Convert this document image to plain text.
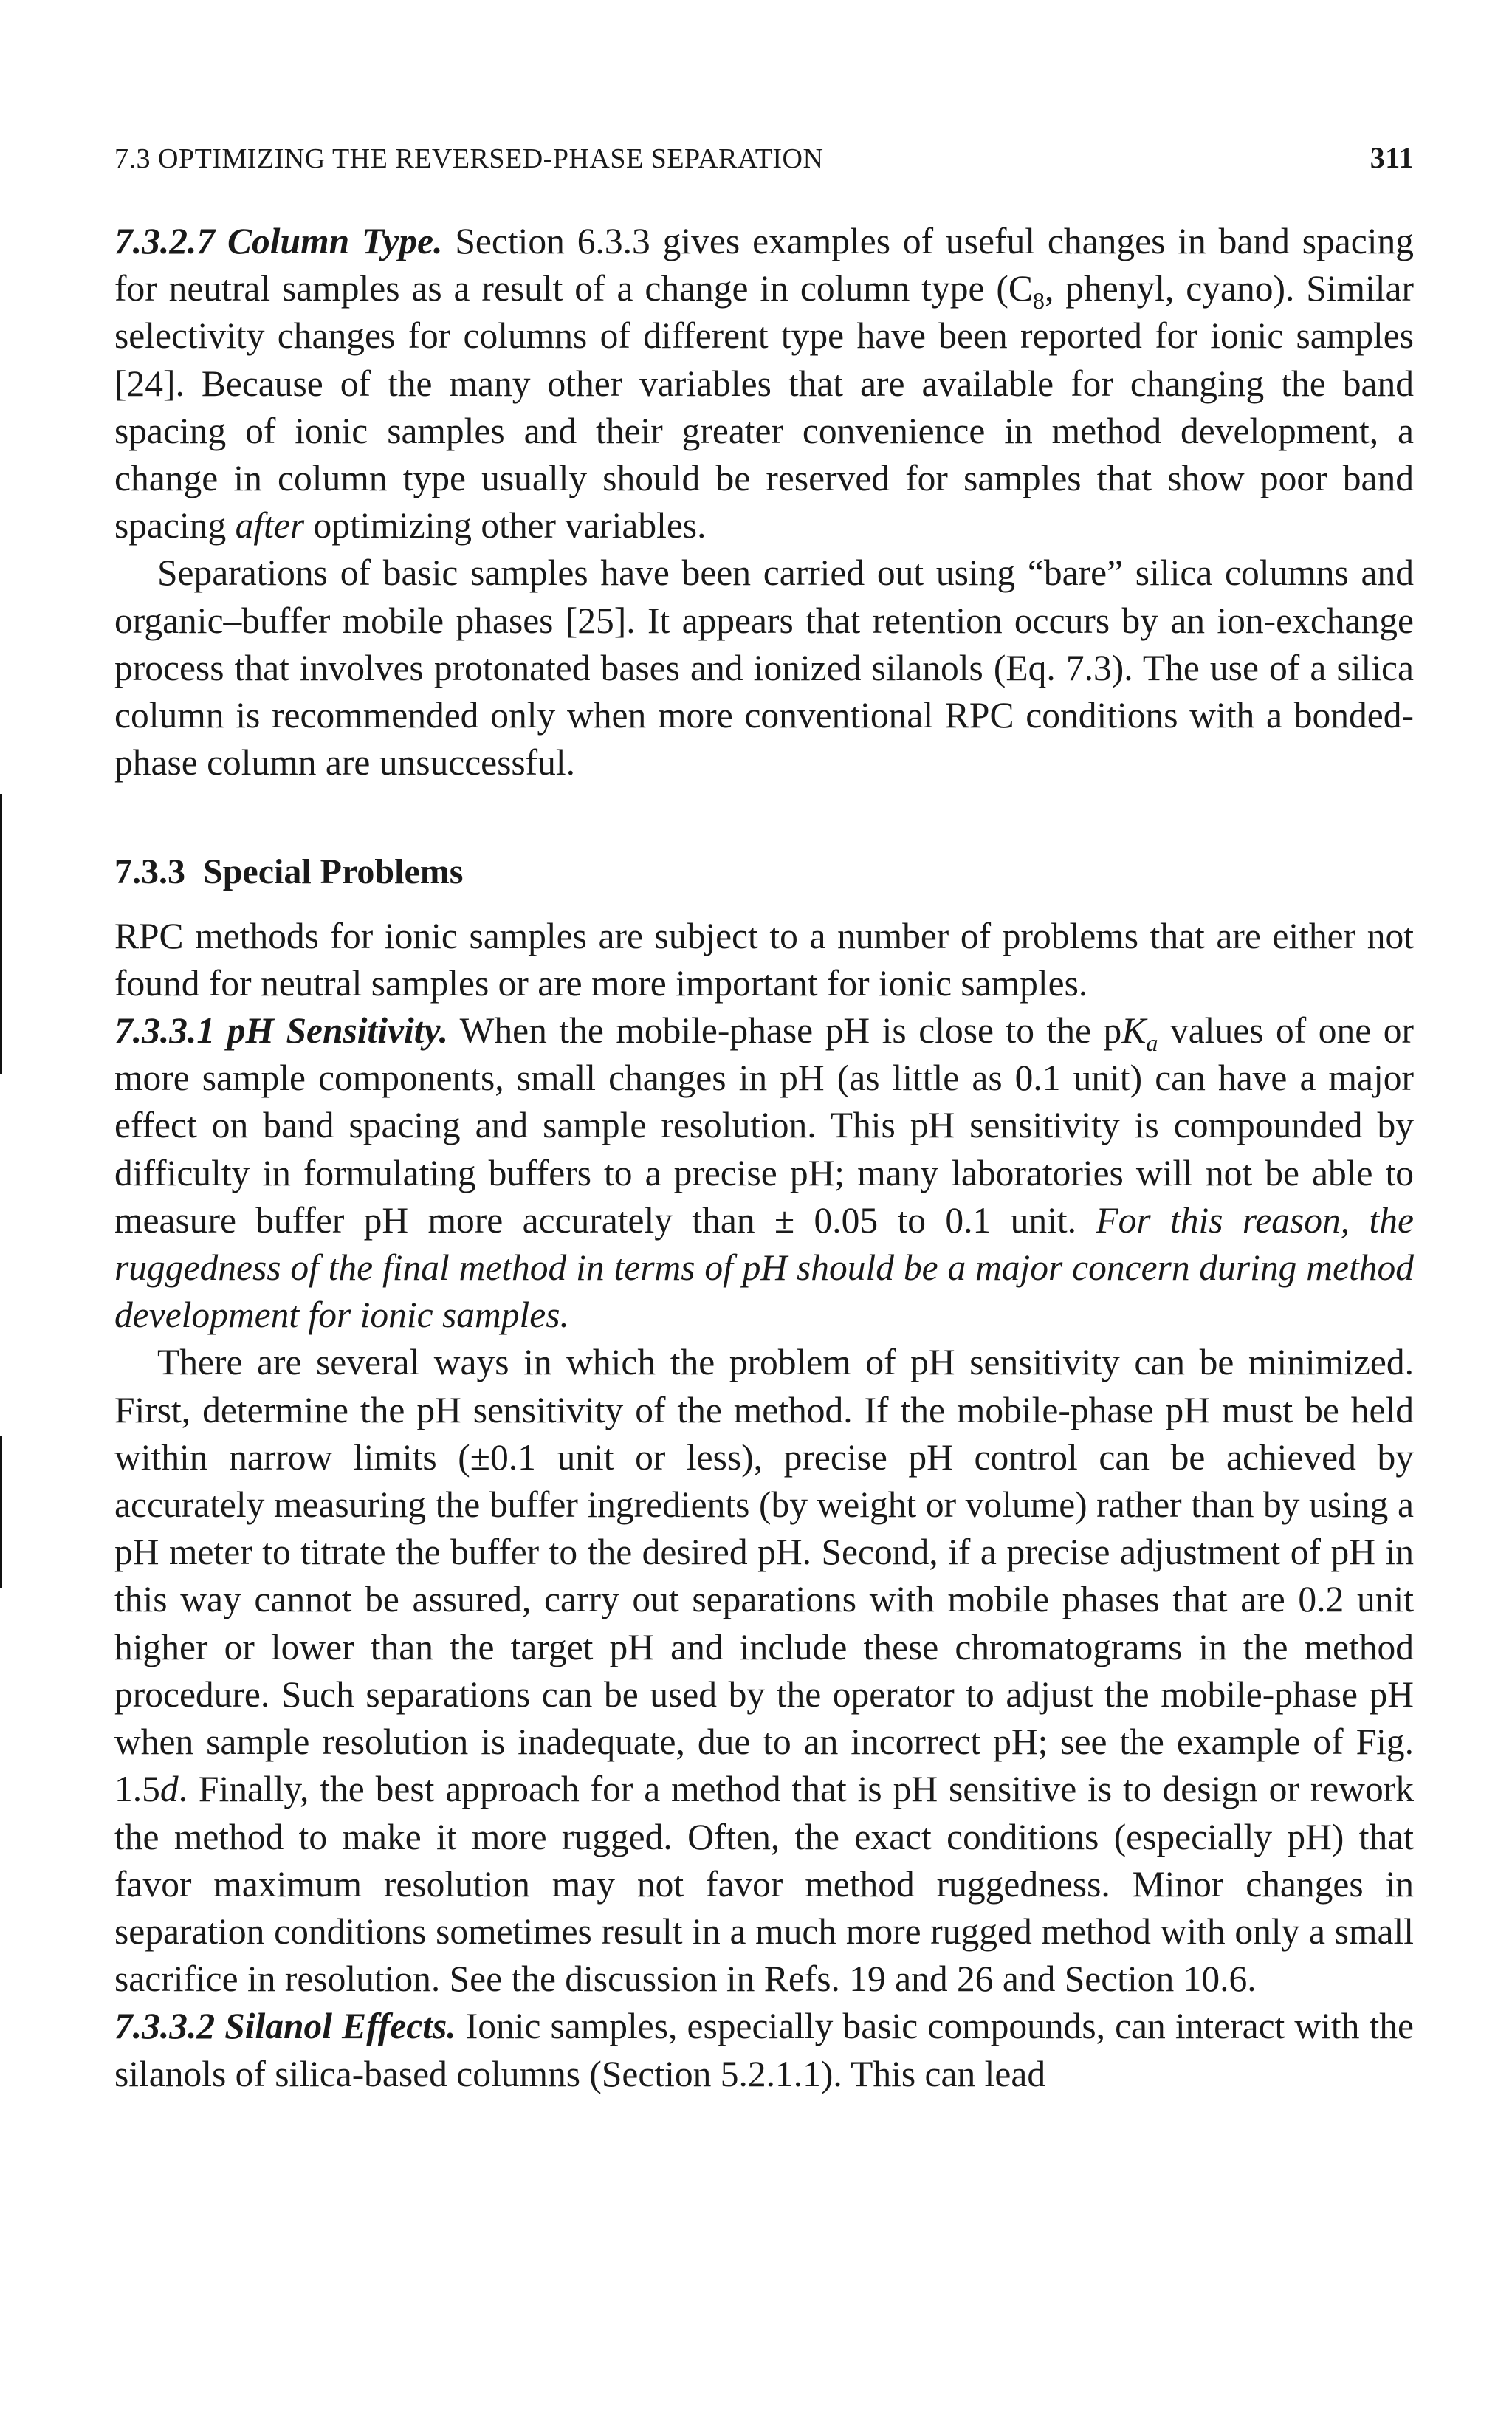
7.3 OPTIMIZING THE REVERSED-PHASE SEPARATION	311

7.3.2.7 Column Type. Section 6.3.3 gives examples of useful changes in band spacing for neutral samples as a result of a change in column type ($C_8$, phenyl, cyano). Similar selectivity changes for columns of different type have been reported for ionic samples [24]. Because of the many other variables that are available for changing the band spacing of ionic samples and their greater convenience in method development, a change in column type usually should be reserved for samples that show poor band spacing after optimizing other variables.

Separations of basic samples have been carried out using “bare” silica columns and organic–buffer mobile phases [25]. It appears that retention occurs by an ion-exchange process that involves protonated bases and ionized silanols (Eq. 7.3). The use of a silica column is recommended only when more conventional RPC conditions with a bonded-phase column are unsuccessful.

7.3.3 Special Problems

RPC methods for ionic samples are subject to a number of problems that are either not found for neutral samples or are more important for ionic samples.

7.3.3.1 pH Sensitivity. When the mobile-phase pH is close to the $pK_a$ values of one or more sample components, small changes in pH (as little as 0.1 unit) can have a major effect on band spacing and sample resolution. This pH sensitivity is compounded by difficulty in formulating buffers to a precise pH; many laboratories will not be able to measure buffer pH more accurately than ± 0.05 to 0.1 unit. For this reason, the ruggedness of the final method in terms of pH should be a major concern during method development for ionic samples.

There are several ways in which the problem of pH sensitivity can be minimized. First, determine the pH sensitivity of the method. If the mobile-phase pH must be held within narrow limits (±0.1 unit or less), precise pH control can be achieved by accurately measuring the buffer ingredients (by weight or volume) rather than by using a pH meter to titrate the buffer to the desired pH. Second, if a precise adjustment of pH in this way cannot be assured, carry out separations with mobile phases that are 0.2 unit higher or lower than the target pH and include these chromatograms in the method procedure. Such separations can be used by the operator to adjust the mobile-phase pH when sample resolution is inadequate, due to an incorrect pH; see the example of Fig. 1.5d. Finally, the best approach for a method that is pH sensitive is to design or rework the method to make it more rugged. Often, the exact conditions (especially pH) that favor maximum resolution may not favor method ruggedness. Minor changes in separation conditions sometimes result in a much more rugged method with only a small sacrifice in resolution. See the discussion in Refs. 19 and 26 and Section 10.6.

7.3.3.2 Silanol Effects. Ionic samples, especially basic compounds, can interact with the silanols of silica-based columns (Section 5.2.1.1). This can lead
